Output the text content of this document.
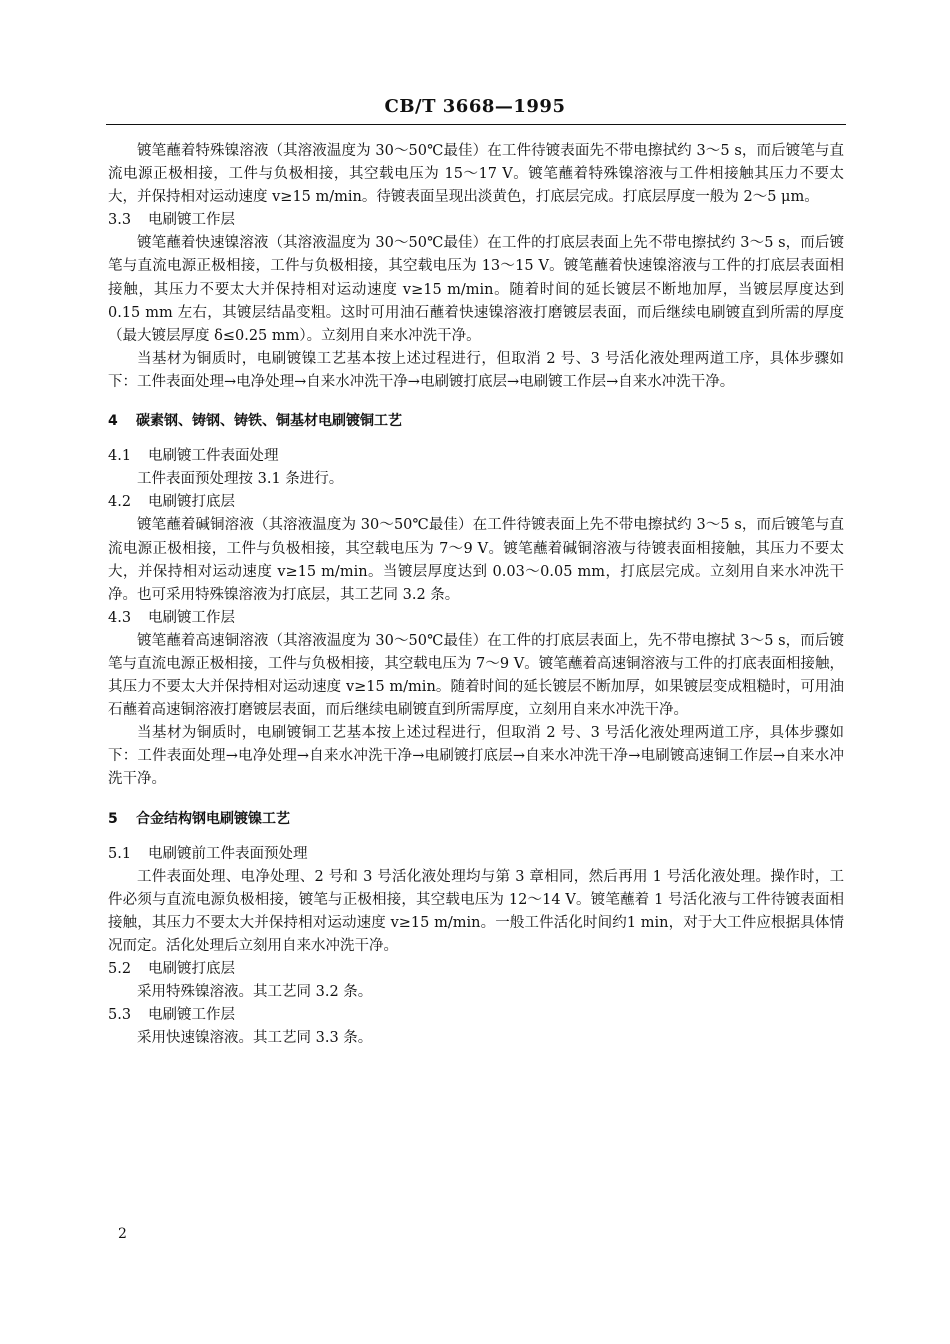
CB/T 3668—1995

镀笔蘸着特殊镍溶液（其溶液温度为 30～50℃最佳）在工件待镀表面先不带电擦拭约 3～5 s，而后镀笔与直流电源正极相接，工件与负极相接，其空载电压为 15～17 V。镀笔蘸着特殊镍溶液与工件相接触其压力不要太大，并保持相对运动速度 v≥15 m/min。待镀表面呈现出淡黄色，打底层完成。打底层厚度一般为 2～5 μm。

3.3 电刷镀工作层

镀笔蘸着快速镍溶液（其溶液温度为 30～50℃最佳）在工件的打底层表面上先不带电擦拭约 3～5 s，而后镀笔与直流电源正极相接，工件与负极相接，其空载电压为 13～15 V。镀笔蘸着快速镍溶液与工件的打底层表面相接触，其压力不要太大并保持相对运动速度 v≥15 m/min。随着时间的延长镀层不断地加厚，当镀层厚度达到 0.15 mm 左右，其镀层结晶变粗。这时可用油石蘸着快速镍溶液打磨镀层表面，而后继续电刷镀直到所需的厚度（最大镀层厚度 δ≤0.25 mm）。立刻用自来水冲洗干净。

当基材为铜质时，电刷镀镍工艺基本按上述过程进行，但取消 2 号、3 号活化液处理两道工序，具体步骤如下：工件表面处理→电净处理→自来水冲洗干净→电刷镀打底层→电刷镀工作层→自来水冲洗干净。

4 碳素钢、铸钢、铸铁、铜基材电刷镀铜工艺

4.1 电刷镀工件表面处理

工件表面预处理按 3.1 条进行。

4.2 电刷镀打底层

镀笔蘸着碱铜溶液（其溶液温度为 30～50℃最佳）在工件待镀表面上先不带电擦拭约 3～5 s，而后镀笔与直流电源正极相接，工件与负极相接，其空载电压为 7～9 V。镀笔蘸着碱铜溶液与待镀表面相接触，其压力不要太大，并保持相对运动速度 v≥15 m/min。当镀层厚度达到 0.03～0.05 mm，打底层完成。立刻用自来水冲洗干净。也可采用特殊镍溶液为打底层，其工艺同 3.2 条。

4.3 电刷镀工作层

镀笔蘸着高速铜溶液（其溶液温度为 30～50℃最佳）在工件的打底层表面上，先不带电擦拭 3～5 s，而后镀笔与直流电源正极相接，工件与负极相接，其空载电压为 7～9 V。镀笔蘸着高速铜溶液与工件的打底表面相接触，其压力不要太大并保持相对运动速度 v≥15 m/min。随着时间的延长镀层不断加厚，如果镀层变成粗糙时，可用油石蘸着高速铜溶液打磨镀层表面，而后继续电刷镀直到所需厚度，立刻用自来水冲洗干净。

当基材为铜质时，电刷镀铜工艺基本按上述过程进行，但取消 2 号、3 号活化液处理两道工序，具体步骤如下：工件表面处理→电净处理→自来水冲洗干净→电刷镀打底层→自来水冲洗干净→电刷镀高速铜工作层→自来水冲洗干净。

5 合金结构钢电刷镀镍工艺

5.1 电刷镀前工件表面预处理

工件表面处理、电净处理、2 号和 3 号活化液处理均与第 3 章相同，然后再用 1 号活化液处理。操作时，工件必须与直流电源负极相接，镀笔与正极相接，其空载电压为 12～14 V。镀笔蘸着 1 号活化液与工件待镀表面相接触，其压力不要太大并保持相对运动速度 v≥15 m/min。一般工件活化时间约1 min，对于大工件应根据具体情况而定。活化处理后立刻用自来水冲洗干净。

5.2 电刷镀打底层

采用特殊镍溶液。其工艺同 3.2 条。

5.3 电刷镀工作层

采用快速镍溶液。其工艺同 3.3 条。

2
